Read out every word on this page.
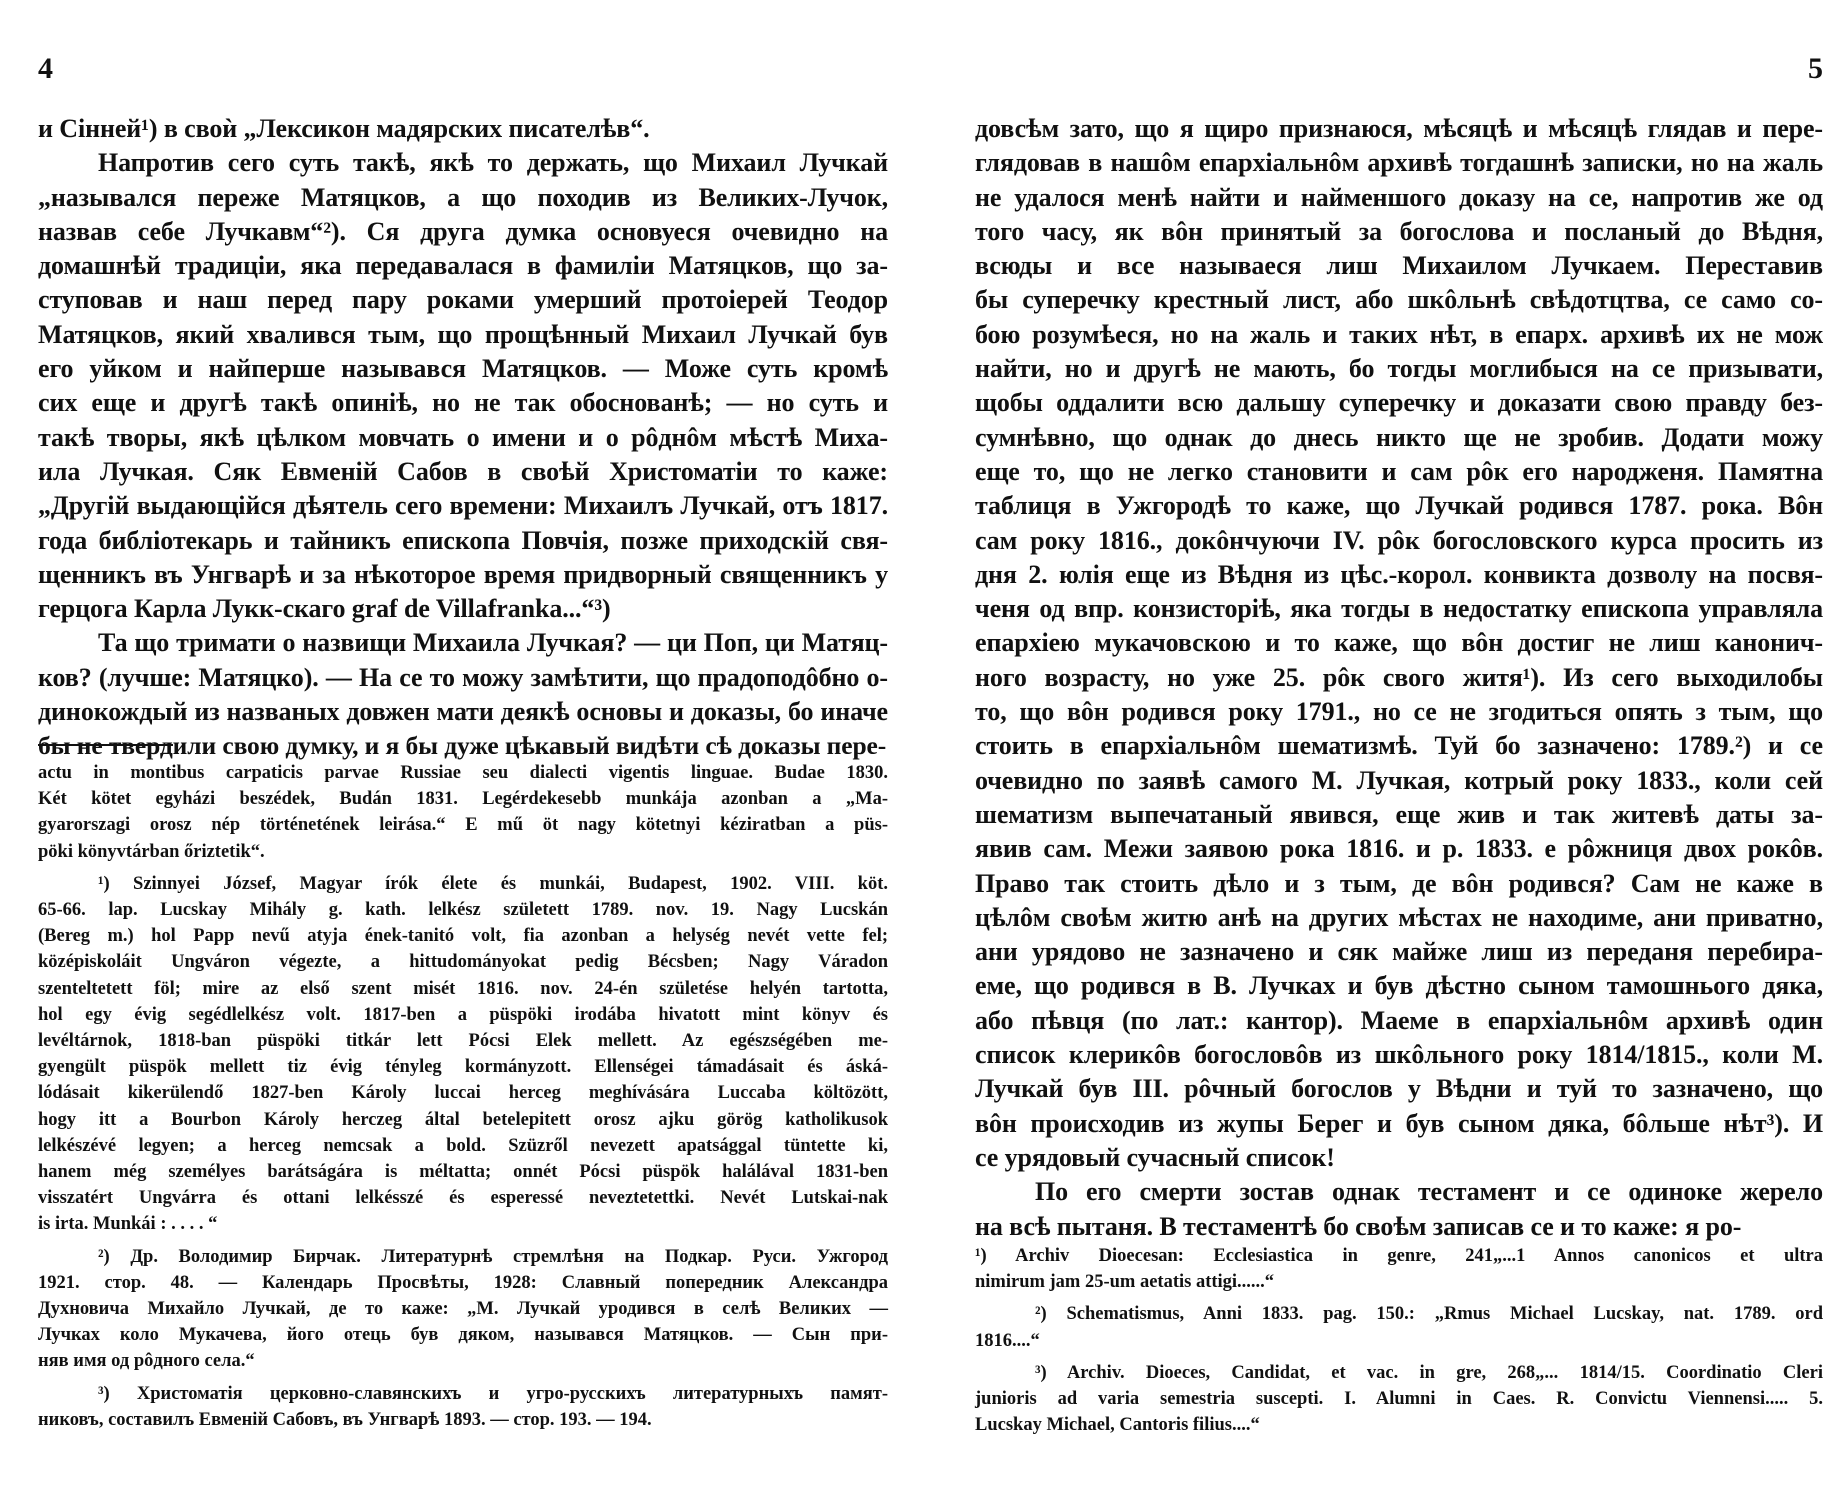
4
и Сінней¹) в своѝ „Лексикон мадярских писателѣв“.
Напротив сего суть такѣ, якѣ то держать, що Михаил Лучкай
„назывался переже Матяцков, а що походив из Великих-Лучок,
назвав себе Лучкавм“²). Ся друга думка основуеся очевидно на
домашнѣй традиціи, яка передавалася в фамиліи Матяцков, що за-
ступовав и наш перед пару роками умерший протоіерей Теодор
Матяцков, який хвалився тым, що прощѣнный Михаил Лучкай був
его уйком и найперше назывався Матяцков. — Може суть кромѣ
сих еще и другѣ такѣ опиніѣ, но не так обоснованѣ; — но суть и
такѣ творы, якѣ цѣлком мовчать о имени и о рôднôм мѣстѣ Миха-
ила Лучкая. Сяк Евменій Сабов в своѣй Христоматіи то каже:
„Другій выдающійся дѣятель сего времени: Михаилъ Лучкай, отъ 1817.
года библіотекарь и тайникъ епископа Повчія, позже приходскій свя-
щенникъ въ Унгварѣ и за нѣкоторое время придворный священникъ у
герцога Карла Лукк-скаго graf de Villafranka...“³)
Та що тримати о назвищи Михаила Лучкая? — ци Поп, ци Матяц-
ков? (лучше: Матяцко). — На се то можу замѣтити, що прадоподôбно о-
динокождый из названых довжен мати деякѣ основы и доказы, бо иначе
бы не твердили свою думку, и я бы дуже цѣкавый видѣти сѣ доказы пере-
actu in montibus carpaticis parvae Russiae seu dialecti vigentis linguae. Budae 1830.
Két kötet egyházi beszédek, Budán 1831. Legérdekesebb munkája azonban a „Ma-
gyarorszagi orosz nép történetének leirása.“ E mű öt nagy kötetnyi kéziratban a püs-
pöki könyvtárban őriztetik“.
¹) Szinnyei József, Magyar írók élete és munkái, Budapest, 1902. VIII. köt.
65-66. lap. Lucskay Mihály g. kath. lelkész született 1789. nov. 19. Nagy Lucskán
(Bereg m.) hol Papp nevű atyja ének-tanitó volt, fia azonban a helység nevét vette fel;
középiskoláit Ungváron végezte, a hittudományokat pedig Bécsben; Nagy Váradon
szenteltetett föl; mire az első szent misét 1816. nov. 24-én születése helyén tartotta,
hol egy évig segédlelkész volt. 1817-ben a püspöki irodába hivatott mint könyv és
levéltárnok, 1818-ban püspöki titkár lett Pócsi Elek mellett. Az egészségében me-
gyengült püspök mellett tiz évig tényleg kormányzott. Ellenségei támadásait és áská-
lódásait kikerülendő 1827-ben Károly luccai herceg meghívására Luccaba költözött,
hogy itt a Bourbon Károly herczeg által betelepitett orosz ajku görög katholikusok
lelkészévé legyen; a herceg nemcsak a bold. Szüzről nevezett apatsággal tüntette ki,
hanem még személyes barátságára is méltatta; onnét Pócsi püspök halálával 1831-ben
visszatért Ungvárra és ottani lelkésszé és esperessé neveztetettki. Nevét Lutskai-nak
is irta. Munkái : . . . . “
²) Др. Володимир Бирчак. Литературнѣ стремлѣня на Подкар. Руси. Ужгород
1921. стор. 48. — Календарь Просвѣты, 1928: Славный попередник Александра
Духновича Михайло Лучкай, де то каже: „М. Лучкай уродився в селѣ Великих —
Лучках коло Мукачева, його отець був дяком, назывався Матяцков. — Сын при-
няв имя од рôдного села.“
³) Христоматія церковно-славянскихъ и угро-русскихъ литературныхъ памят-
никовъ, составилъ Евменій Сабовъ, въ Унгварѣ 1893. — стор. 193. — 194.
5
довсѣм зато, що я щиро признаюся, мѣсяцѣ и мѣсяцѣ глядав и пере-
глядовав в нашôм епархіальнôм архивѣ тогдашнѣ записки, но на жаль
не удалося менѣ найти и найменшого доказу на се, напротив же од
того часу, як вôн принятый за богослова и посланый до Вѣдня,
всюды и все называеся лиш Михаилом Лучкаем. Переставив
бы суперечку крестный лист, або шкôльнѣ свѣдотцтва, се само со-
бою розумѣеся, но на жаль и таких нѣт, в епарх. архивѣ их не мож
найти, но и другѣ не мають, бо тогды моглибыся на се призывати,
щобы оддалити всю дальшу суперечку и доказати свою правду без-
сумнѣвно, що однак до днесь никто ще не зробив. Додати можу
еще то, що не легко становити и сам рôк его народженя. Памятна
таблиця в Ужгородѣ то каже, що Лучкай родився 1787. рока. Вôн
сам року 1816., докôнчуючи IV. рôк богословского курса просить из
дня 2. юлія еще из Вѣдня из цѣс.-корол. конвикта дозволу на посвя-
ченя од впр. конзисторіѣ, яка тогды в недостатку епископа управляла
епархіею мукачовскою и то каже, що вôн достиг не лиш канонич-
ного возрасту, но уже 25. рôк свого житя¹). Из сего выходилобы
то, що вôн родився року 1791., но се не згодиться опять з тым, що
стоить в епархіальнôм шематизмѣ. Туй бо зазначено: 1789.²) и се
очевидно по заявѣ самого М. Лучкая, котрый року 1833., коли сей
шематизм выпечатаный явився, еще жив и так житевѣ даты за-
явив сам. Межи заявою рока 1816. и р. 1833. е рôжниця двох рокôв.
Право так стоить дѣло и з тым, де вôн родився? Сам не каже в
цѣлôм своѣм житю анѣ на других мѣстах не находиме, ани приватно,
ани урядово не зазначено и сяк майже лиш из переданя перебира-
еме, що родився в В. Лучках и був дѣстно сыном тамошнього дяка,
або пѣвця (по лат.: кантор). Маеме в епархіальнôм архивѣ один
список клерикôв богословôв из шкôльного року 1814/1815., коли М.
Лучкай був III. рôчный богослов у Вѣдни и туй то зазначено, що
вôн происходив из жупы Берег и був сыном дяка, бôльше нѣт³). И
се урядовый сучасный список!
По его смерти зостав однак тестамент и се одиноке жерело
на всѣ пытаня. В тестаментѣ бо своѣм записав се и то каже: я ро-
¹) Archiv Dioecesan: Ecclesiastica in genre, 241„...1 Annos canonicos et ultra
nimirum jam 25-um aetatis attigi......“
²) Schematismus, Anni 1833. pag. 150.: „Rmus Michael Lucskay, nat. 1789. ord
1816....“
³) Archiv. Dioeces, Candidat, et vac. in gre, 268„... 1814/15. Coordinatio Cleri
junioris ad varia semestria suscepti. I. Alumni in Caes. R. Convictu Viennensi..... 5.
Lucskay Michael, Cantoris filius....“
